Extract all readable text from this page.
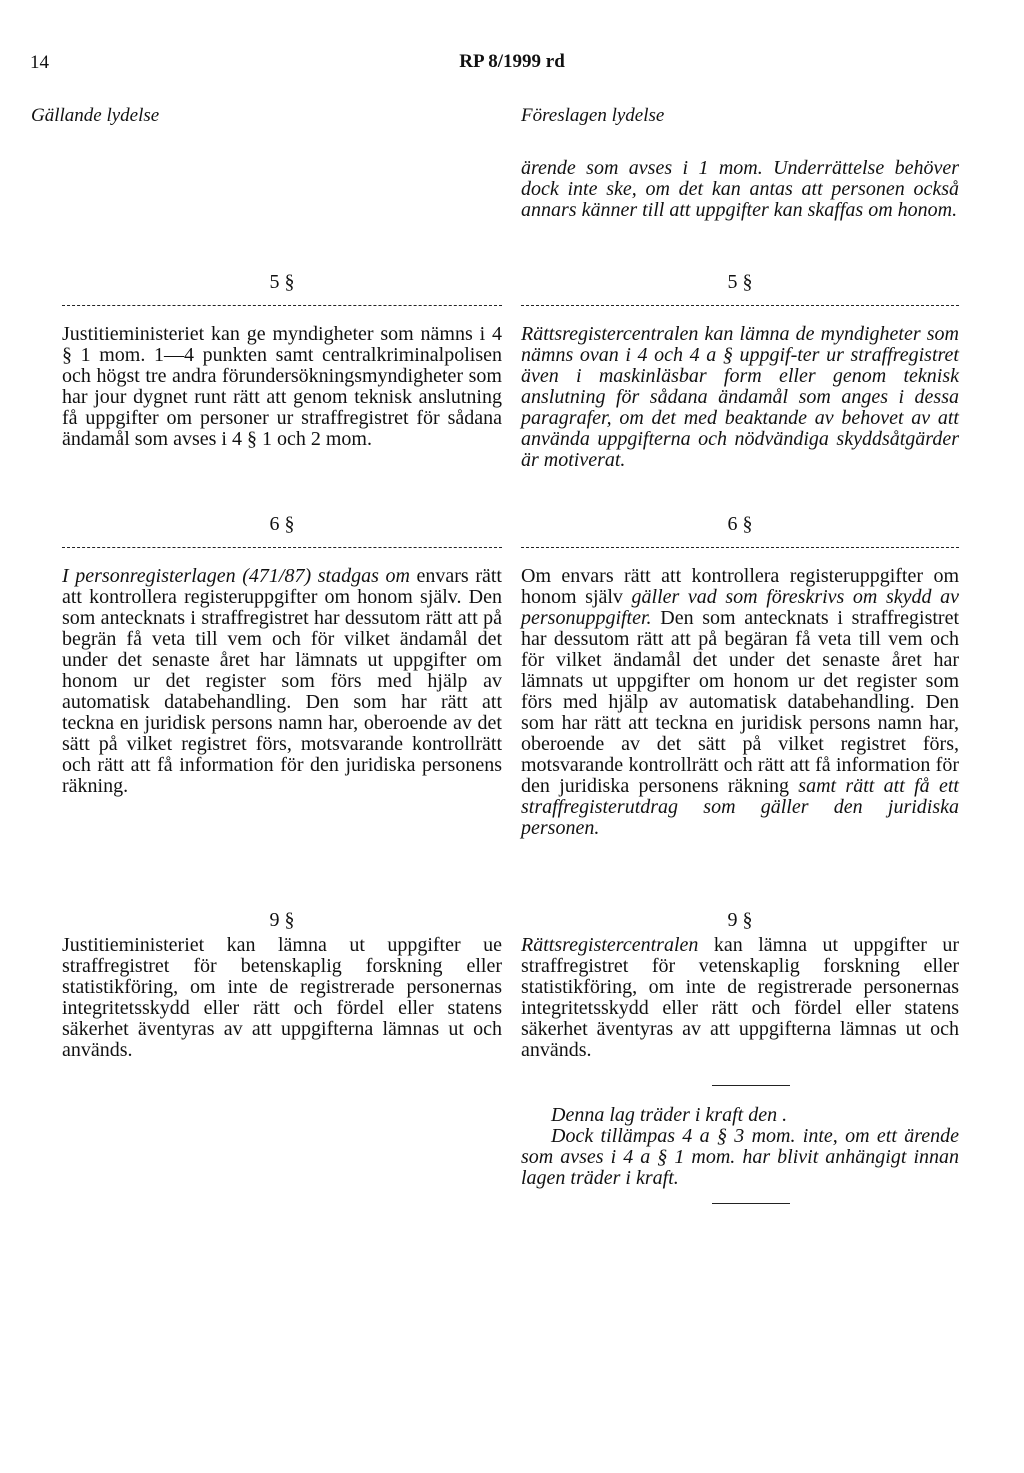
14	RP 8/1999 rd
Gällande lydelse	Föreslagen lydelse

ärende som avses i 1 mom. Underrättelse behöver dock inte ske, om det kan antas att personen också annars känner till att uppgifter kan skaffas om honom.

5 §

Justitieministeriet kan ge myndigheter som nämns i 4 § 1 mom. 1—4 punkten samt centralkriminalpolisen och högst tre andra förundersökningsmyndigheter som har jour dygnet runt rätt att genom teknisk anslutning få uppgifter om personer ur straffregistret för sådana ändamål som avses i 4 § 1 och 2 mom.

5 §

Rättsregistercentralen kan lämna de myndigheter som nämns ovan i 4 och 4 a § uppgif-ter ur straffregistret även i maskinläsbar form eller genom teknisk anslutning för sådana ändamål som anges i dessa paragrafer, om det med beaktande av behovet av att använda uppgifterna och nödvändiga skyddsåtgärder är motiverat.

6 §

I personregisterlagen (471/87) stadgas om envars rätt att kontrollera registeruppgifter om honom själv. Den som antecknats i straffregistret har dessutom rätt att på begrän få veta till vem och för vilket ändamål det under det senaste året har lämnats ut uppgifter om honom ur det register som förs med hjälp av automatisk databehandling. Den som har rätt att teckna en juridisk persons namn har, oberoende av det sätt på vilket registret förs, motsvarande kontrollrätt och rätt att få information för den juridiska personens räkning.

6 §

Om envars rätt att kontrollera registeruppgifter om honom själv gäller vad som föreskrivs om skydd av personuppgifter. Den som antecknats i straffregistret har dessutom rätt att på begäran få veta till vem och för vilket ändamål det under det senaste året har lämnats ut uppgifter om honom ur det register som förs med hjälp av automatisk databehandling. Den som har rätt att teckna en juridisk persons namn har, oberoende av det sätt på vilket registret förs, motsvarande kontrollrätt och rätt att få information för den juridiska personens räkning samt rätt att få ett straffregisterutdrag som gäller den juridiska personen.

9 §

Justitieministeriet kan lämna ut uppgifter ue straffregistret för betenskaplig forskning eller statistikföring, om inte de registrerade personernas integritetsskydd eller rätt och fördel eller statens säkerhet äventyras av att uppgifterna lämnas ut och används.

9 §

Rättsregistercentralen kan lämna ut uppgifter ur straffregistret för vetenskaplig forskning eller statistikföring, om inte de registrerade personernas integritetsskydd eller rätt och fördel eller statens säkerhet äventyras av att uppgifterna lämnas ut och används.

Denna lag träder i kraft den .

Dock tillämpas 4 a § 3 mom. inte, om ett ärende som avses i 4 a § 1 mom. har blivit anhängigt innan lagen träder i kraft.
